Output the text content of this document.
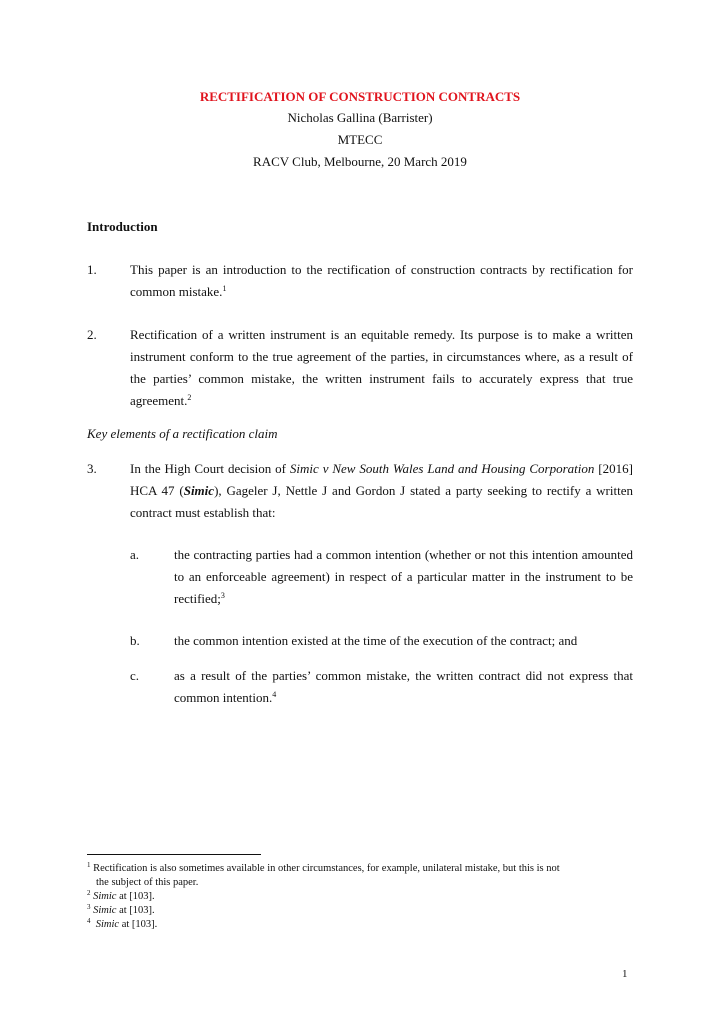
RECTIFICATION OF CONSTRUCTION CONTRACTS
Nicholas Gallina (Barrister)
MTECC
RACV Club, Melbourne, 20 March 2019
Introduction
1.	This paper is an introduction to the rectification of construction contracts by rectification for
common mistake.$^1$
2.	Rectification of a written instrument is an equitable remedy. Its purpose is to make a written
instrument conform to the true agreement of the parties, in circumstances where, as a result of
the parties’ common mistake, the written instrument fails to accurately express that true
agreement.$^2$
Key elements of a rectification claim
3.	In the High Court decision of Simic v New South Wales Land and Housing Corporation [2016]
HCA 47 (Simic), Gageler J, Nettle J and Gordon J stated a party seeking to rectify a written
contract must establish that:
a.	the contracting parties had a common intention (whether or not this intention amounted
to an enforceable agreement) in respect of a particular matter in the instrument to be
rectified;$^3$
b.	the common intention existed at the time of the execution of the contract; and
c.	as a result of the parties’ common mistake, the written contract did not express that
common intention.$^4$
$^1$ Rectification is also sometimes available in other circumstances, for example, unilateral mistake, but this is not
the subject of this paper.
$^2$ Simic at [103].
$^3$ Simic at [103].
$^4$ Simic at [103].
1
